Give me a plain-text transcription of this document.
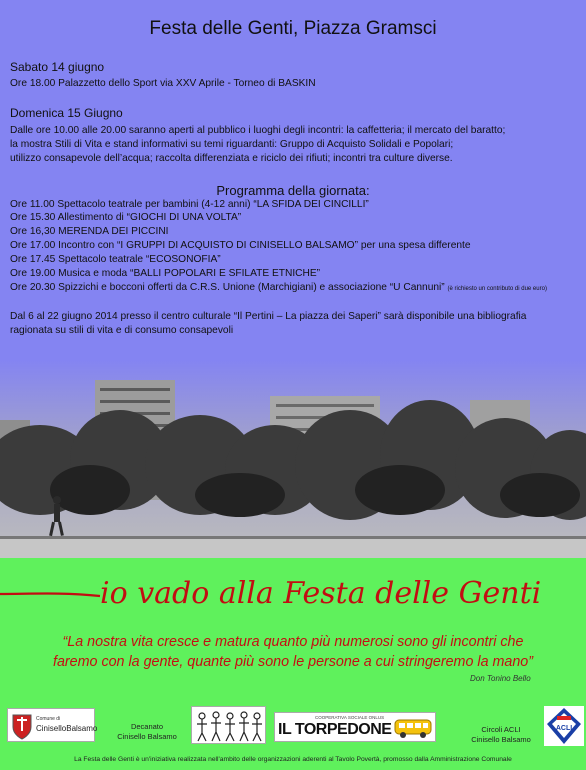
Festa delle Genti, Piazza Gramsci
Sabato 14 giugno
Ore 18.00 Palazzetto dello Sport via XXV Aprile - Torneo di BASKIN
Domenica 15 Giugno
Dalle ore 10.00 alle 20.00 saranno aperti al pubblico i luoghi degli incontri: la caffetteria; il mercato del baratto;
la mostra Stili di Vita e stand informativi su temi riguardanti: Gruppo di Acquisto Solidali e Popolari;
utilizzo consapevole dell’acqua; raccolta differenziata e riciclo dei rifiuti; incontri tra culture diverse.
Programma della giornata:
Ore 11.00 Spettacolo teatrale per bambini (4-12 anni) “LA SFIDA DEI CINCILLI”
Ore 15.30 Allestimento di “GIOCHI DI UNA VOLTA”
Ore 16,30 MERENDA DEI PICCINI
Ore 17.00 Incontro con “I GRUPPI DI ACQUISTO DI CINISELLO BALSAMO” per una spesa differente
Ore 17.45 Spettacolo teatrale “ECOSONOFIA”
Ore 19.00 Musica e moda “BALLI POPOLARI E SFILATE ETNICHE”
Ore 20.30 Spizzichi e bocconi offerti da C.R.S. Unione (Marchigiani) e associazione “U Cannuni” (è richiesto un contributo di due euro)
Dal 6 al 22 giugno 2014 presso il centro culturale “Il Pertini – La piazza dei Saperi” sarà disponibile una bibliografia
ragionata su stili di vita e di consumo consapevoli
io vado alla Festa delle Genti
“La nostra vita cresce e matura quanto più numerosi sono gli incontri che
faremo con la gente, quante più sono le persone a cui stringeremo la mano”
Don Tonino Bello
Comune di
CiniselloBalsamo	Decanato
Cinisello Balsamo
COOPERATIVA SOCIALE ONLUS
IL TORPEDONE	Circoli ACLI
Cinisello Balsamo
ACLI
La Festa delle Genti è un'iniziativa realizzata nell'ambito delle organizzazioni aderenti al Tavolo Povertà, promosso dalla Amministrazione Comunale
